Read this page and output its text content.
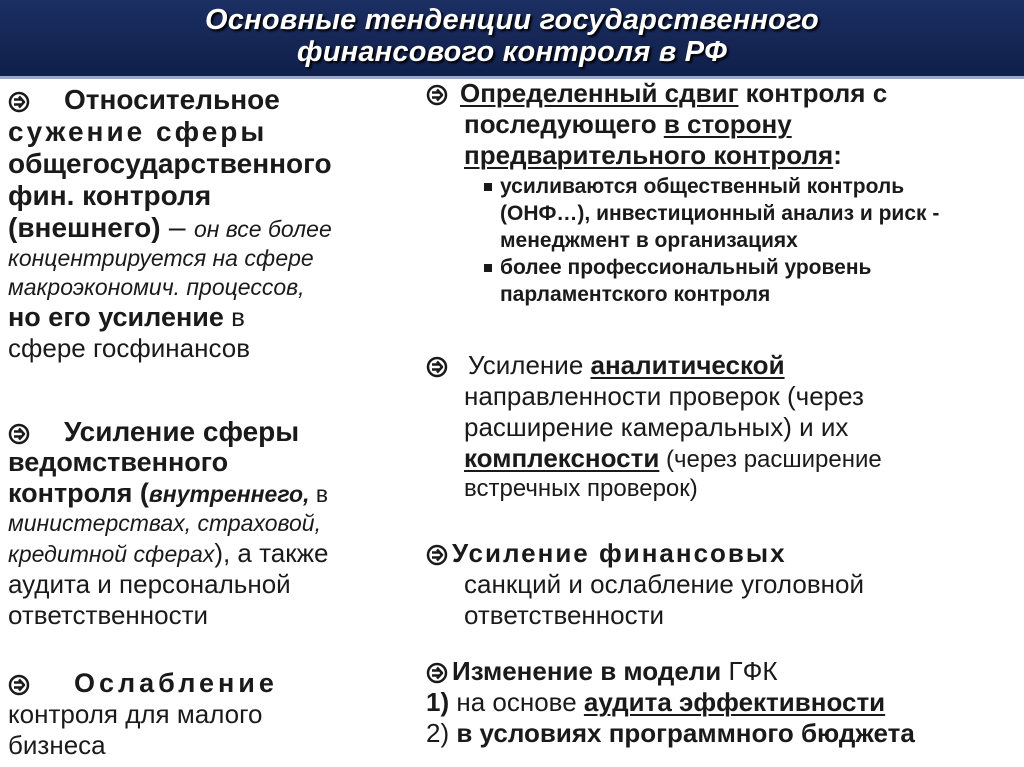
Основные тенденции государственного
финансового контроля в РФ
Относительное
сужение сферы
общегосударственного
фин. контроля
(внешнего) – он все более
концентрируется на сфере
макроэкономич. процессов,
но его усиление в
сфере госфинансов
Усиление сферы
ведомственного
контроля (внутреннего, в
министерствах, страховой,
кредитной сферах), а также
аудита и персональной
ответственности
Ослабление
контроля для малого
бизнеса
Определенный сдвиг контроля с
последующего в сторону
предварительного контроля:
усиливаются общественный контроль
(ОНФ…), инвестиционный анализ и риск -
менеджмент в организациях
более профессиональный уровень
парламентского контроля
Усиление аналитической
направленности проверок (через
расширение камеральных) и их
комплексности (через расширение
встречных проверок)
Усиление финансовых
санкций и ослабление уголовной
ответственности
Изменение в модели ГФК
1) на основе аудита эффективности
2) в условиях программного бюджета
